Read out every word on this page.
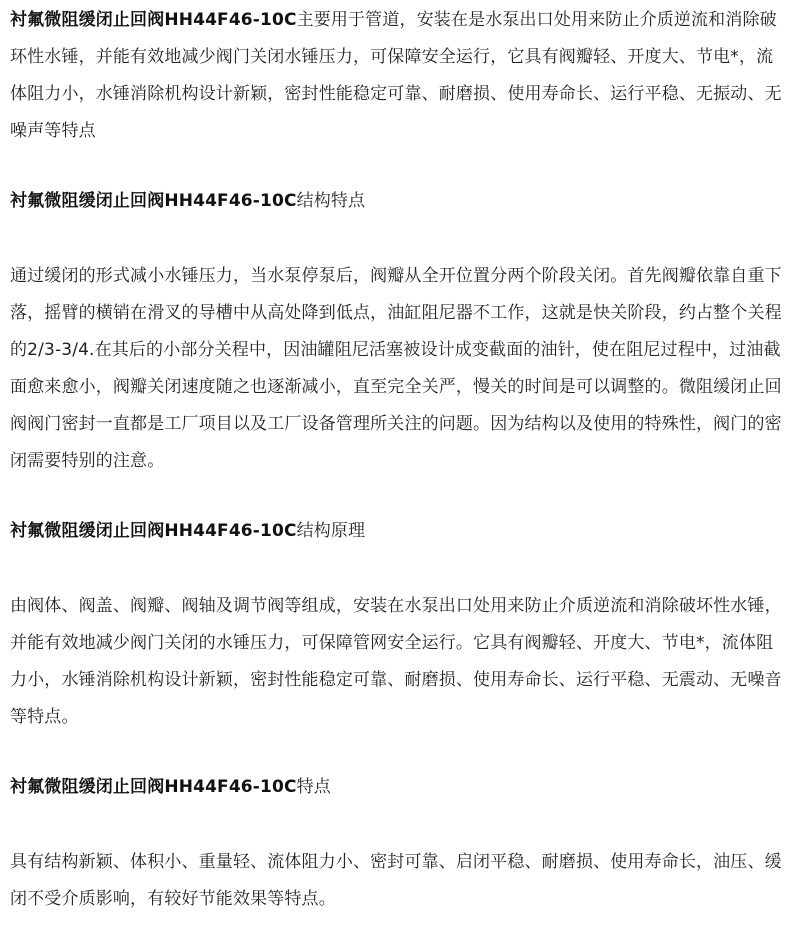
衬氟微阻缓闭止回阀HH44F46-10C主要用于管道，安装在是水泵出口处用来防止介质逆流和消除破环性水锤，并能有效地减少阀门关闭水锤压力，可保障安全运行，它具有阀瓣轻、开度大、节电*，流体阻力小，水锤消除机构设计新颖，密封性能稳定可靠、耐磨损、使用寿命长、运行平稳、无振动、无噪声等特点

衬氟微阻缓闭止回阀HH44F46-10C结构特点

通过缓闭的形式减小水锤压力，当水泵停泵后，阀瓣从全开位置分两个阶段关闭。首先阀瓣依靠自重下落，摇臂的横销在滑叉的导槽中从高处降到低点，油缸阻尼器不工作，这就是快关阶段，约占整个关程的2/3-3/4.在其后的小部分关程中，因油罐阻尼活塞被设计成变截面的油针，使在阻尼过程中，过油截面愈来愈小，阀瓣关闭速度随之也逐渐减小，直至完全关严，慢关的时间是可以调整的。微阻缓闭止回阀阀门密封一直都是工厂项目以及工厂设备管理所关注的问题。因为结构以及使用的特殊性，阀门的密闭需要特别的注意。

衬氟微阻缓闭止回阀HH44F46-10C结构原理

由阀体、阀盖、阀瓣、阀轴及调节阀等组成，安装在水泵出口处用来防止介质逆流和消除破坏性水锤，并能有效地减少阀门关闭的水锤压力，可保障管网安全运行。它具有阀瓣轻、开度大、节电*，流体阻力小，水锤消除机构设计新颖，密封性能稳定可靠、耐磨损、使用寿命长、运行平稳、无震动、无噪音等特点。

衬氟微阻缓闭止回阀HH44F46-10C特点

具有结构新颖、体积小、重量轻、流体阻力小、密封可靠、启闭平稳、耐磨损、使用寿命长，油压、缓闭不受介质影响，有较好节能效果等特点。
